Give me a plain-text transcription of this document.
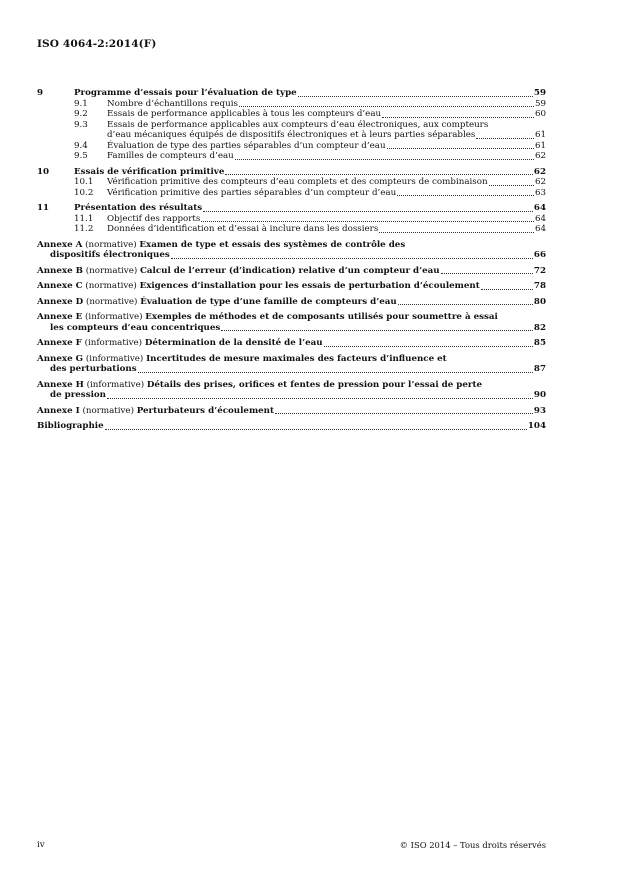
ISO 4064-2:2014(F)
9	Programme d’essais pour l’évaluation de type	59
9.1 Nombre d’échantillons requis	59
9.2 Essais de performance applicables à tous les compteurs d’eau	60
9.3 Essais de performance applicables aux compteurs d’eau électroniques, aux compteurs
d’eau mécaniques équipés de dispositifs électroniques et à leurs parties séparables	61
9.4 Évaluation de type des parties séparables d’un compteur d’eau	61
9.5 Familles de compteurs d’eau	62
10	Essais de vérification primitive	62
10.1 Vérification primitive des compteurs d’eau complets et des compteurs de combinaison	62
10.2 Vérification primitive des parties séparables d’un compteur d’eau	63
11	Présentation des résultats	64
11.1 Objectif des rapports	64
11.2 Données d’identification et d’essai à inclure dans les dossiers	64
Annexe A (normative) Examen de type et essais des systèmes de contrôle des
dispositifs électroniques	66
Annexe B (normative) Calcul de l’erreur (d’indication) relative d’un compteur d’eau	72
Annexe C (normative) Exigences d’installation pour les essais de perturbation d’écoulement	78
Annexe D (normative) Évaluation de type d’une famille de compteurs d’eau	80
Annexe E (informative) Exemples de méthodes et de composants utilisés pour soumettre à essai
les compteurs d’eau concentriques	82
Annexe F (informative) Détermination de la densité de l’eau	85
Annexe G (informative) Incertitudes de mesure maximales des facteurs d’influence et
des perturbations	87
Annexe H (informative) Détails des prises, orifices et fentes de pression pour l’essai de perte
de pression	90
Annexe I (normative) Perturbateurs d’écoulement	93
Bibliographie	104
iv	© ISO 2014 – Tous droits réservés
